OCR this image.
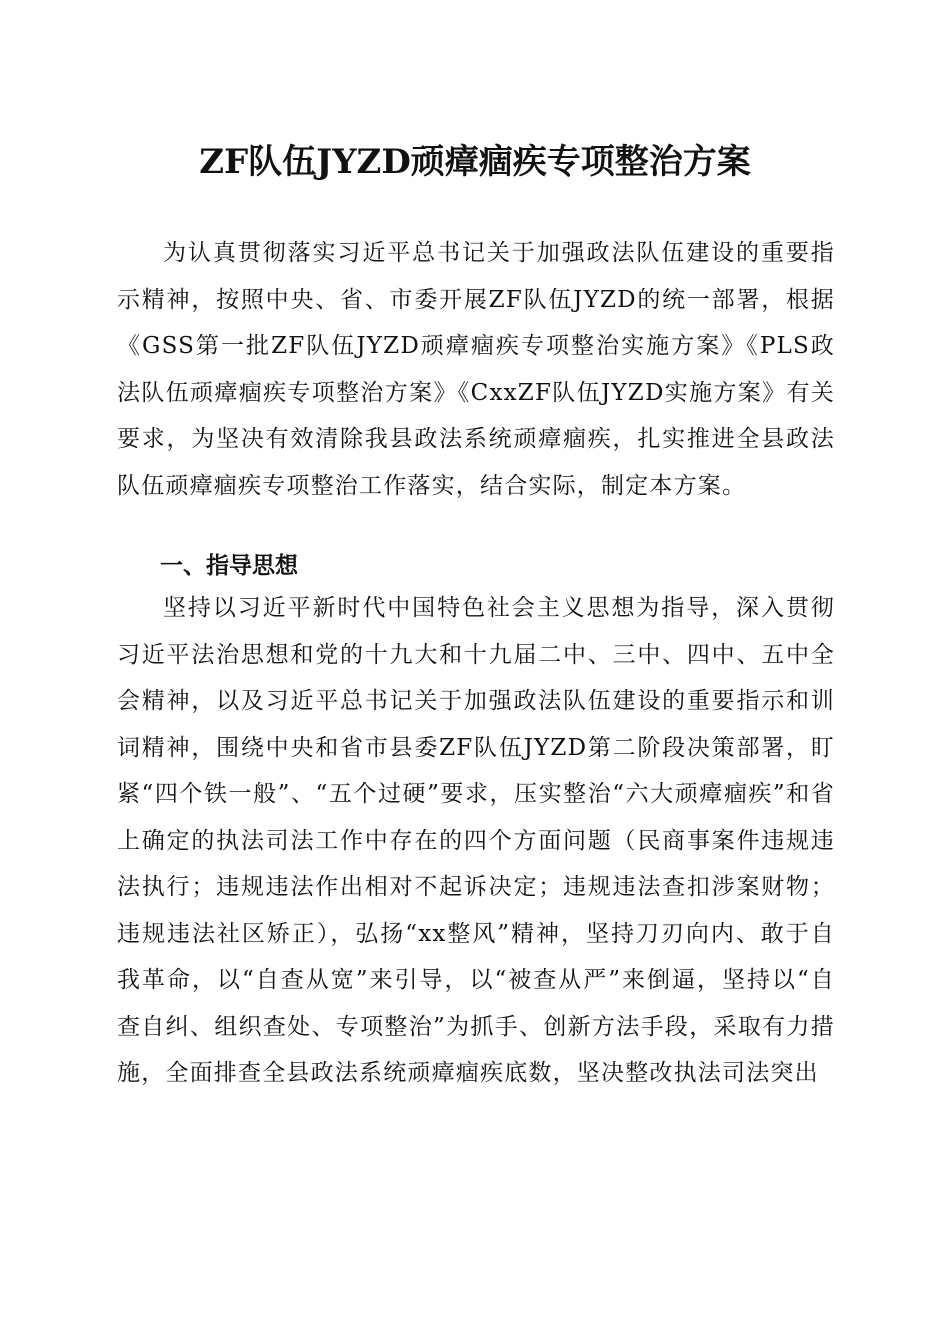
ZF队伍JYZD顽瘴痼疾专项整治方案

为认真贯彻落实习近平总书记关于加强政法队伍建设的重要指示精神，按照中央、省、市委开展ZF队伍JYZD的统一部署，根据《GSS第一批ZF队伍JYZD顽瘴痼疾专项整治实施方案》《PLS政法队伍顽瘴痼疾专项整治方案》《CxxZF队伍JYZD实施方案》有关要求，为坚决有效清除我县政法系统顽瘴痼疾，扎实推进全县政法队伍顽瘴痼疾专项整治工作落实，结合实际，制定本方案。

一、指导思想

坚持以习近平新时代中国特色社会主义思想为指导，深入贯彻习近平法治思想和党的十九大和十九届二中、三中、四中、五中全会精神，以及习近平总书记关于加强政法队伍建设的重要指示和训词精神，围绕中央和省市县委ZF队伍JYZD第二阶段决策部署，盯紧“四个铁一般”、“五个过硬”要求，压实整治“六大顽瘴痼疾”和省上确定的执法司法工作中存在的四个方面问题（民商事案件违规违法执行；违规违法作出相对不起诉决定；违规违法查扣涉案财物；违规违法社区矫正），弘扬“xx整风”精神，坚持刀刃向内、敢于自我革命，以“自查从宽”来引导，以“被查从严”来倒逼，坚持以“自查自纠、组织查处、专项整治”为抓手、创新方法手段，采取有力措施，全面排查全县政法系统顽瘴痼疾底数，坚决整改执法司法突出
